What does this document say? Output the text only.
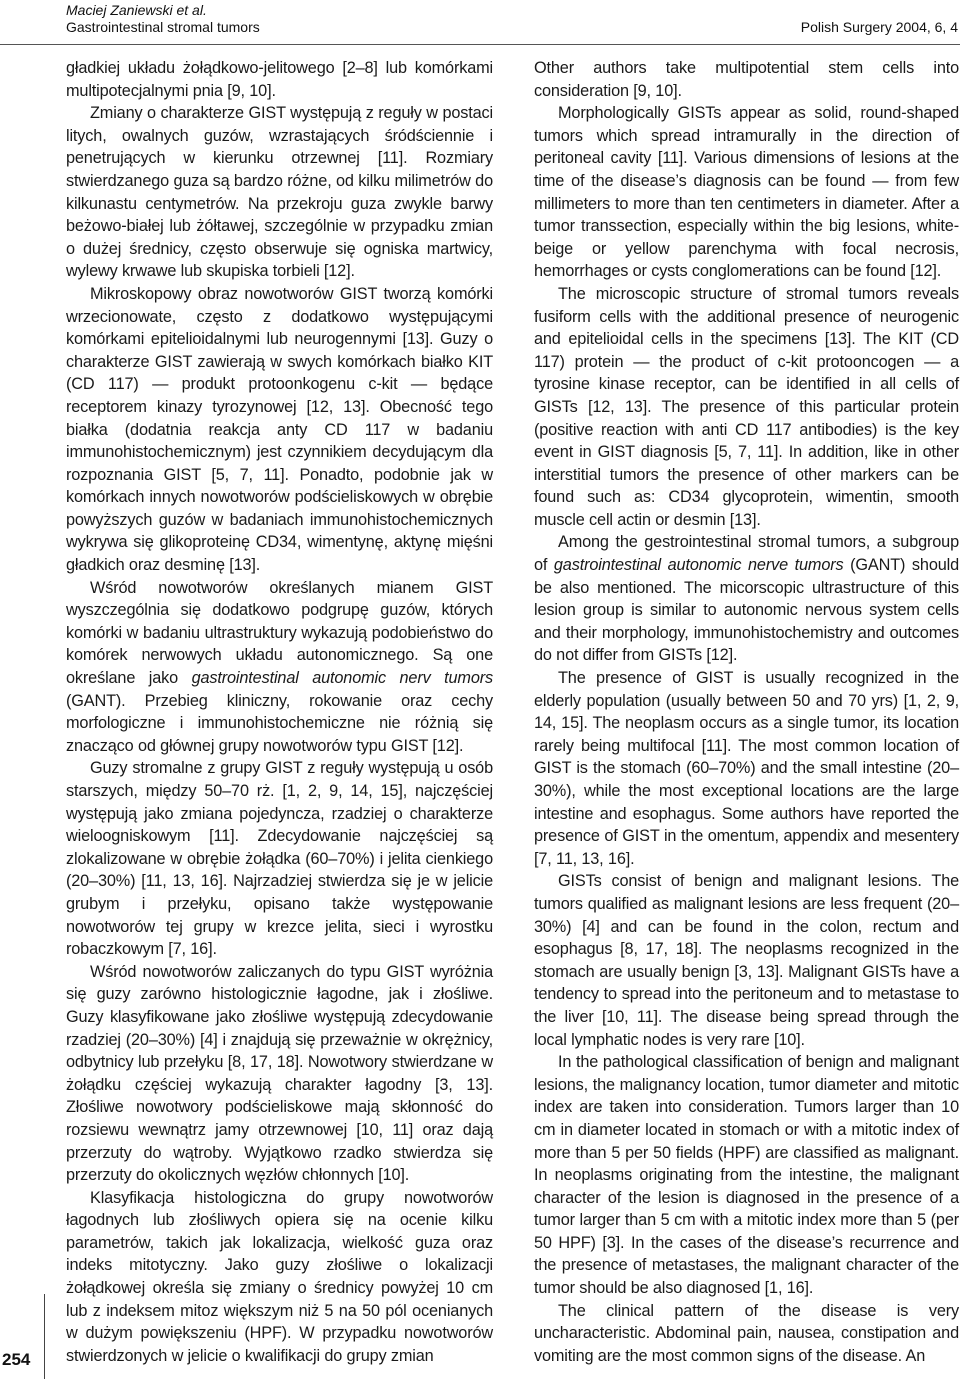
Maciej Zaniewski et al.
Gastrointestinal stromal tumors	Polish Surgery 2004, 6, 4

gładkiej układu żołądkowo-jelitowego [2–8] lub komórkami multipotecjalnymi pnia [9, 10].

Zmiany o charakterze GIST występują z reguły w postaci litych, owalnych guzów, wzrastających śródściennie i penetrujących w kierunku otrzewnej [11]. Rozmiary stwierdzanego guza są bardzo różne, od kilku milimetrów do kilkunastu centymetrów. Na przekroju guza zwykle barwy beżowo-białej lub żółtawej, szczególnie w przypadku zmian o dużej średnicy, często obserwuje się ogniska martwicy, wylewy krwawe lub skupiska torbieli [12].

Mikroskopowy obraz nowotworów GIST tworzą komórki wrzecionowate, często z dodatkowo występującymi komórkami epitelioidalnymi lub neurogennymi [13]. Guzy o charakterze GIST zawierają w swych komórkach białko KIT (CD 117) — produkt protoonkogenu c-kit — będące receptorem kinazy tyrozynowej [12, 13]. Obecność tego białka (dodatnia reakcja anty CD 117 w badaniu immunohistochemicznym) jest czynnikiem decydującym dla rozpoznania GIST [5, 7, 11]. Ponadto, podobnie jak w komórkach innych nowotworów podścieliskowych w obrębie powyższych guzów w badaniach immunohistochemicznych wykrywa się glikoproteinę CD34, wimentynę, aktynę mięśni gładkich oraz desminę [13].

Wśród nowotworów określanych mianem GIST wyszczególnia się dodatkowo podgrupę guzów, których komórki w badaniu ultrastruktury wykazują podobieństwo do komórek nerwowych układu autonomicznego. Są one określane jako gastrointestinal autonomic nerv tumors (GANT). Przebieg kliniczny, rokowanie oraz cechy morfologiczne i immunohistochemiczne nie różnią się znacząco od głównej grupy nowotworów typu GIST [12].

Guzy stromalne z grupy GIST z reguły występują u osób starszych, między 50–70 rż. [1, 2, 9, 14, 15], najczęściej występują jako zmiana pojedyncza, rzadziej o charakterze wieloogniskowym [11]. Zdecydowanie najczęściej są zlokalizowane w obrębie żołądka (60–70%) i jelita cienkiego (20–30%) [11, 13, 16]. Najrzadziej stwierdza się je w jelicie grubym i przełyku, opisano także występowanie nowotworów tej grupy w krezce jelita, sieci i wyrostku robaczkowym [7, 16].

Wśród nowotworów zaliczanych do typu GIST wyróżnia się guzy zarówno histologicznie łagodne, jak i złośliwe. Guzy klasyfikowane jako złośliwe występują zdecydowanie rzadziej (20–30%) [4] i znajdują się przeważnie w okrężnicy, odbytnicy lub przełyku [8, 17, 18]. Nowotwory stwierdzane w żołądku częściej wykazują charakter łagodny [3, 13]. Złośliwe nowotwory podścieliskowe mają skłonność do rozsiewu wewnątrz jamy otrzewnowej [10, 11] oraz dają przerzuty do wątroby. Wyjątkowo rzadko stwierdza się przerzuty do okolicznych węzłów chłonnych [10].

Klasyfikacja histologiczna do grupy nowotworów łagodnych lub złośliwych opiera się na ocenie kilku parametrów, takich jak lokalizacja, wielkość guza oraz indeks mitotyczny. Jako guzy złośliwe o lokalizacji żołądkowej określa się zmiany o średnicy powyżej 10 cm lub z indeksem mitoz większym niż 5 na 50 pól ocenianych w dużym powiększeniu (HPF). W przypadku nowotworów stwierdzonych w jelicie o kwalifikacji do grupy zmian

Other authors take multipotential stem cells into consideration [9, 10].

Morphologically GISTs appear as solid, round-shaped tumors which spread intramurally in the direction of peritoneal cavity [11]. Various dimensions of lesions at the time of the disease’s diagnosis can be found — from few millimeters to more than ten centimeters in diameter. After a tumor transsection, especially within the big lesions, white-beige or yellow parenchyma with focal necrosis, hemorrhages or cysts conglomerations can be found [12].

The microscopic structure of stromal tumors reveals fusiform cells with the additional presence of neurogenic and epitelioidal cells in the specimens [13]. The KIT (CD 117) protein — the product of c-kit protooncogen — a tyrosine kinase receptor, can be identified in all cells of GISTs [12, 13]. The presence of this particular protein (positive reaction with anti CD 117 antibodies) is the key event in GIST diagnosis [5, 7, 11]. In addition, like in other interstitial tumors the presence of other markers can be found such as: CD34 glycoprotein, wimentin, smooth muscle cell actin or desmin [13].

Among the gestrointestinal stromal tumors, a subgroup of gastrointestinal autonomic nerve tumors (GANT) should be also mentioned. The micorscopic ultrastructure of this lesion group is similar to autonomic nervous system cells and their morphology, immunohistochemistry and outcomes do not differ from GISTs [12].

The presence of GIST is usually recognized in the elderly population (usually between 50 and 70 yrs) [1, 2, 9, 14, 15]. The neoplasm occurs as a single tumor, its location rarely being multifocal [11]. The most common location of GIST is the stomach (60–70%) and the small intestine (20–30%), while the most exceptional locations are the large intestine and esophagus. Some authors have reported the presence of GIST in the omentum, appendix and mesentery [7, 11, 13, 16].

GISTs consist of benign and malignant lesions. The tumors qualified as malignant lesions are less frequent (20–30%) [4] and can be found in the colon, rectum and esophagus [8, 17, 18]. The neoplasms recognized in the stomach are usually benign [3, 13]. Malignant GISTs have a tendency to spread into the peritoneum and to metastase to the liver [10, 11]. The disease being spread through the local lymphatic nodes is very rare [10].

In the pathological classification of benign and malignant lesions, the malignancy location, tumor diameter and mitotic index are taken into consideration. Tumors larger than 10 cm in diameter located in stomach or with a mitotic index of more than 5 per 50 fields (HPF) are classified as malignant. In neoplasms originating from the intestine, the malignant character of the lesion is diagnosed in the presence of a tumor larger than 5 cm with a mitotic index more than 5 (per 50 HPF) [3]. In the cases of the disease’s recurrence and the presence of metastases, the malignant character of the tumor should be also diagnosed [1, 16].

The clinical pattern of the disease is very uncharacteristic. Abdominal pain, nausea, constipation and vomiting are the most common signs of the disease. An

254
